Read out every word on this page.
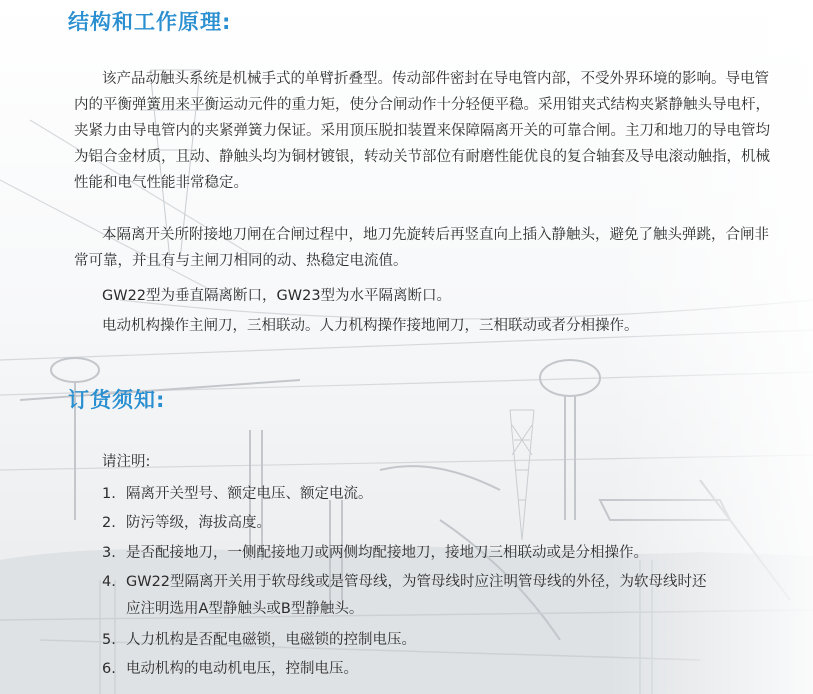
结构和工作原理:

该产品动触头系统是机械手式的单臂折叠型。传动部件密封在导电管内部，不受外界环境的影响。导电管内的平衡弹簧用来平衡运动元件的重力矩，使分合闸动作十分轻便平稳。采用钳夹式结构夹紧静触头导电杆，夹紧力由导电管内的夹紧弹簧力保证。采用顶压脱扣装置来保障隔离开关的可靠合闸。主刀和地刀的导电管均为铝合金材质，且动、静触头均为铜材镀银，转动关节部位有耐磨性能优良的复合轴套及导电滚动触指，机械性能和电气性能非常稳定。

本隔离开关所附接地刀闸在合闸过程中，地刀先旋转后再竖直向上插入静触头，避免了触头弹跳，合闸非常可靠，并且有与主闸刀相同的动、热稳定电流值。

GW22型为垂直隔离断口，GW23型为水平隔离断口。
电动机构操作主闸刀，三相联动。人力机构操作接地闸刀，三相联动或者分相操作。
订货须知:
请注明:
1. 隔离开关型号、额定电压、额定电流。
2. 防污等级，海拔高度。
3. 是否配接地刀，一侧配接地刀或两侧均配接地刀，接地刀三相联动或是分相操作。
4. GW22型隔离开关用于软母线或是管母线，为管母线时应注明管母线的外径，为软母线时还
应注明选用A型静触头或B型静触头。
5. 人力机构是否配电磁锁，电磁锁的控制电压。
6. 电动机构的电动机电压，控制电压。
